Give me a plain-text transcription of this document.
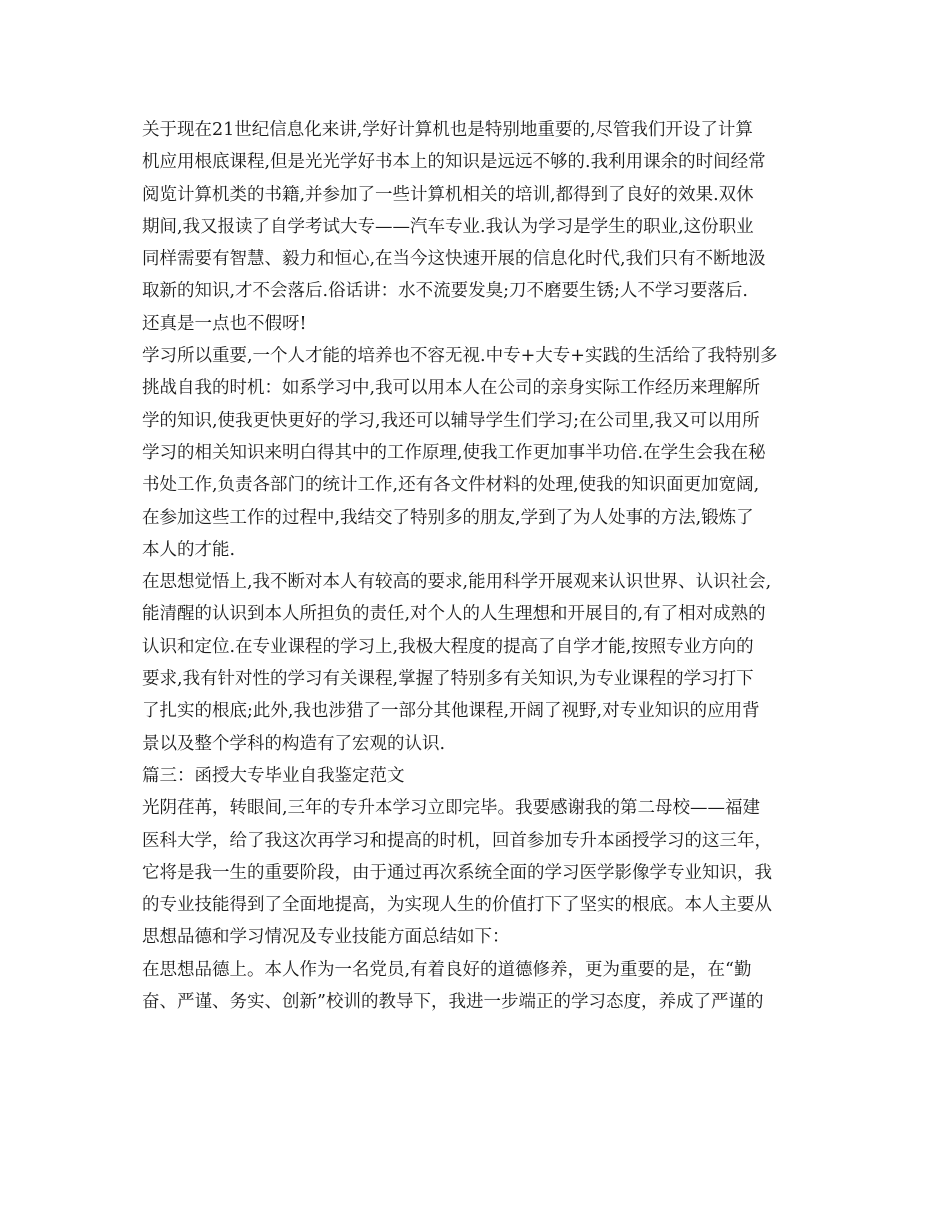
关于现在21世纪信息化来讲,学好计算机也是特别地重要的,尽管我们开设了计算
机应用根底课程,但是光光学好书本上的知识是远远不够的.我利用课余的时间经常
阅览计算机类的书籍,并参加了一些计算机相关的培训,都得到了良好的效果.双休
期间,我又报读了自学考试大专——汽车专业.我认为学习是学生的职业,这份职业
同样需要有智慧、毅力和恒心,在当今这快速开展的信息化时代,我们只有不断地汲
取新的知识,才不会落后.俗话讲：水不流要发臭;刀不磨要生锈;人不学习要落后.
还真是一点也不假呀!
学习所以重要,一个人才能的培养也不容无视.中专+大专+实践的生活给了我特别多
挑战自我的时机：如系学习中,我可以用本人在公司的亲身实际工作经历来理解所
学的知识,使我更快更好的学习,我还可以辅导学生们学习;在公司里,我又可以用所
学习的相关知识来明白得其中的工作原理,使我工作更加事半功倍.在学生会我在秘
书处工作,负责各部门的统计工作,还有各文件材料的处理,使我的知识面更加宽阔,
在参加这些工作的过程中,我结交了特别多的朋友,学到了为人处事的方法,锻炼了
本人的才能.
在思想觉悟上,我不断对本人有较高的要求,能用科学开展观来认识世界、认识社会,
能清醒的认识到本人所担负的责任,对个人的人生理想和开展目的,有了相对成熟的
认识和定位.在专业课程的学习上,我极大程度的提高了自学才能,按照专业方向的
要求,我有针对性的学习有关课程,掌握了特别多有关知识,为专业课程的学习打下
了扎实的根底;此外,我也涉猎了一部分其他课程,开阔了视野,对专业知识的应用背
景以及整个学科的构造有了宏观的认识.
篇三：函授大专毕业自我鉴定范文
光阴荏苒，转眼间,三年的专升本学习立即完毕。我要感谢我的第二母校——福建
医科大学，给了我这次再学习和提高的时机，回首参加专升本函授学习的这三年，
它将是我一生的重要阶段，由于通过再次系统全面的学习医学影像学专业知识，我
的专业技能得到了全面地提高，为实现人生的价值打下了坚实的根底。本人主要从
思想品德和学习情况及专业技能方面总结如下：
在思想品德上。本人作为一名党员,有着良好的道德修养，更为重要的是，在“勤
奋、严谨、务实、创新”校训的教导下，我进一步端正的学习态度，养成了严谨的
